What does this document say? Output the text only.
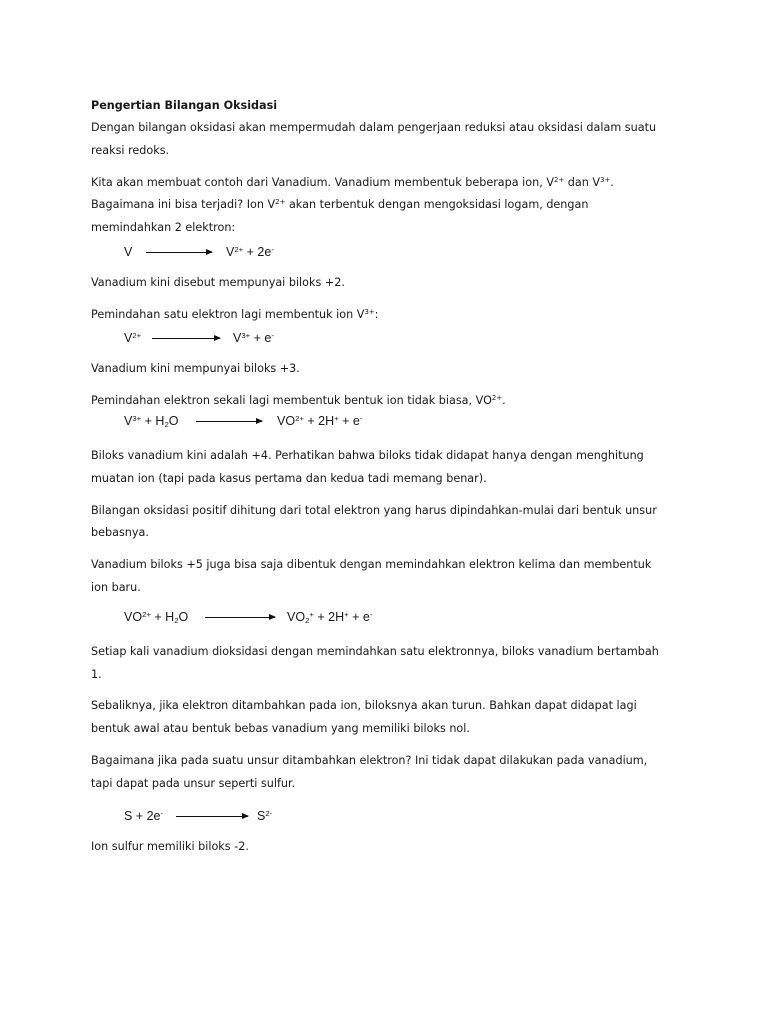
Pengertian Bilangan Oksidasi
Dengan bilangan oksidasi akan mempermudah dalam pengerjaan reduksi atau oksidasi dalam suatu
reaksi redoks.
Kita akan membuat contoh dari Vanadium. Vanadium membentuk beberapa ion, $V^{2+}$ dan $V^{3+}$.
Bagaimana ini bisa terjadi? Ion $V^{2+}$ akan terbentuk dengan mengoksidasi logam, dengan
memindahkan 2 elektron:
V	$V^{2+} + 2e^-$
Vanadium kini disebut mempunyai biloks +2.
Pemindahan satu elektron lagi membentuk ion $V^{3+}$:
$V^{2+}$	$V^{3+} + e^-$
Vanadium kini mempunyai biloks +3.
Pemindahan elektron sekali lagi membentuk bentuk ion tidak biasa, $VO^{2+}$.
$V^{3+} + H_2O$	$VO^{2+} + 2H^+ + e^-$
Biloks vanadium kini adalah +4. Perhatikan bahwa biloks tidak didapat hanya dengan menghitung
muatan ion (tapi pada kasus pertama dan kedua tadi memang benar).
Bilangan oksidasi positif dihitung dari total elektron yang harus dipindahkan-mulai dari bentuk unsur
bebasnya.
Vanadium biloks +5 juga bisa saja dibentuk dengan memindahkan elektron kelima dan membentuk
ion baru.
$VO^{2+} + H_2O$	$VO_2^+ + 2H^+ + e^-$
Setiap kali vanadium dioksidasi dengan memindahkan satu elektronnya, biloks vanadium bertambah
1.
Sebaliknya, jika elektron ditambahkan pada ion, biloksnya akan turun. Bahkan dapat didapat lagi
bentuk awal atau bentuk bebas vanadium yang memiliki biloks nol.
Bagaimana jika pada suatu unsur ditambahkan elektron? Ini tidak dapat dilakukan pada vanadium,
tapi dapat pada unsur seperti sulfur.
S + 2e-	$S^{2-}$
Ion sulfur memiliki biloks -2.
